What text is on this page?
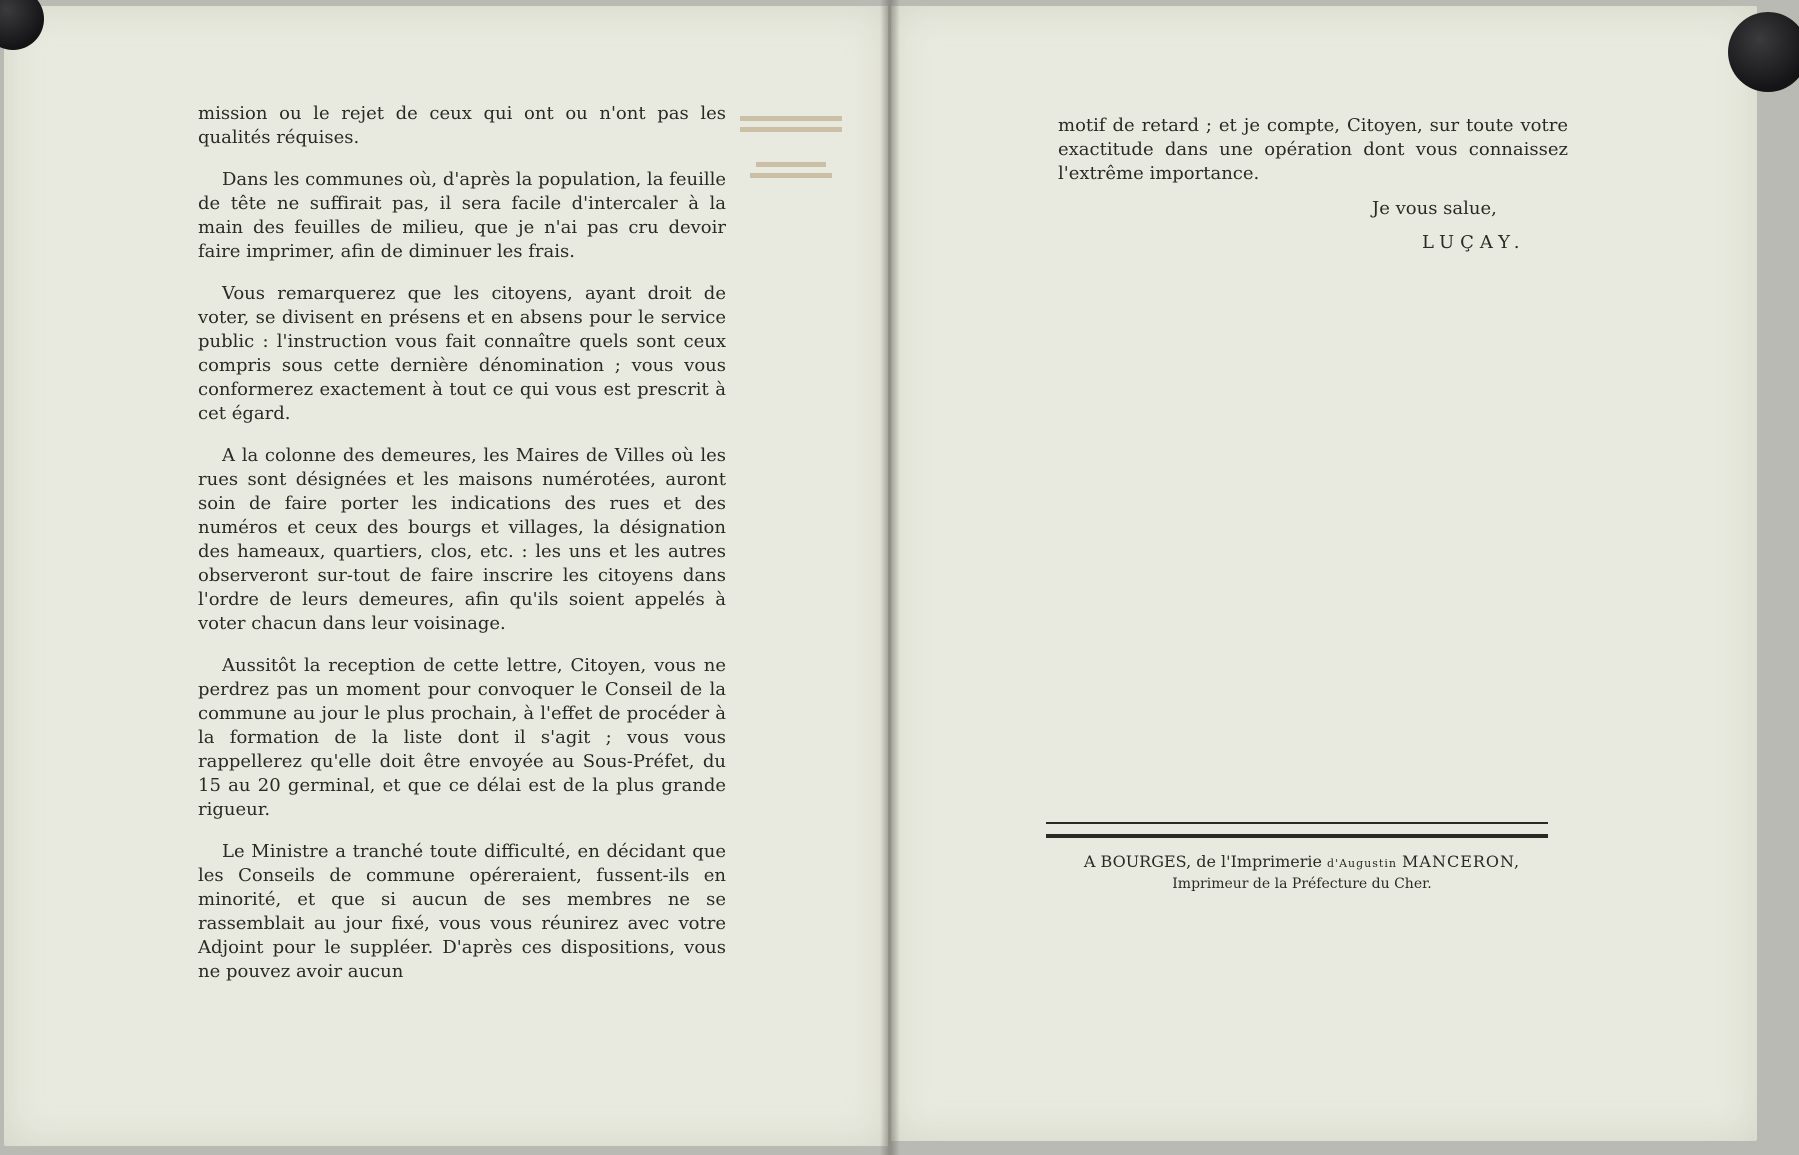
mission ou le rejet de ceux qui ont ou n'ont pas les qualités réquises.

Dans les communes où, d'après la population, la feuille de tête ne suffirait pas, il sera facile d'intercaler à la main des feuilles de milieu, que je n'ai pas cru devoir faire imprimer, afin de diminuer les frais.

Vous remarquerez que les citoyens, ayant droit de voter, se divisent en présens et en absens pour le service public : l'instruction vous fait connaître quels sont ceux compris sous cette dernière dénomination ; vous vous conformerez exactement à tout ce qui vous est prescrit à cet égard.

A la colonne des demeures, les Maires de Villes où les rues sont désignées et les maisons numérotées, auront soin de faire porter les indications des rues et des numéros et ceux des bourgs et villages, la désignation des hameaux, quartiers, clos, etc. : les uns et les autres observeront sur-tout de faire inscrire les citoyens dans l'ordre de leurs demeures, afin qu'ils soient appelés à voter chacun dans leur voisinage.

Aussitôt la reception de cette lettre, Citoyen, vous ne perdrez pas un moment pour convoquer le Conseil de la commune au jour le plus prochain, à l'effet de procéder à la formation de la liste dont il s'agit ; vous vous rappellerez qu'elle doit être envoyée au Sous-Préfet, du 15 au 20 germinal, et que ce délai est de la plus grande rigueur.

Le Ministre a tranché toute difficulté, en décidant que les Conseils de commune opéreraient, fussent-ils en minorité, et que si aucun de ses membres ne se rassemblait au jour fixé, vous vous réunirez avec votre Adjoint pour le suppléer. D'après ces dispositions, vous ne pouvez avoir aucun

motif de retard ; et je compte, Citoyen, sur toute votre exactitude dans une opération dont vous connaissez l'extrême importance.

Je vous salue,
LUÇAY.
A BOURGES, de l'Imprimerie d'Augustin MANCERON,
Imprimeur de la Préfecture du Cher.
